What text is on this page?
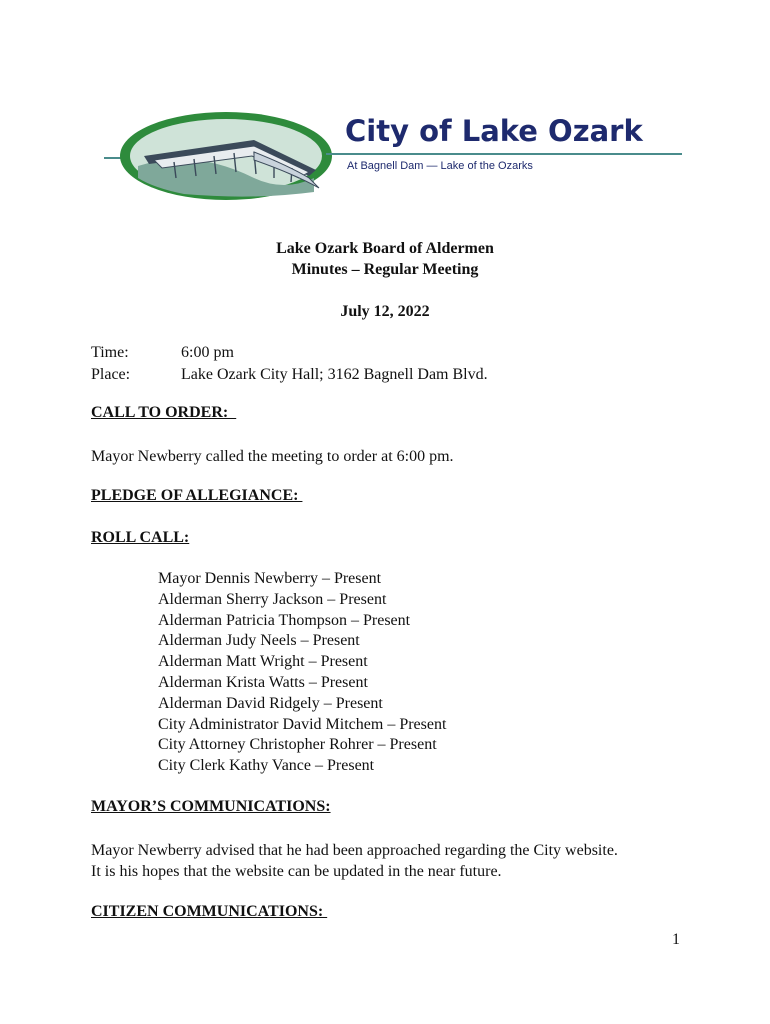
City of Lake Ozark
At Bagnell Dam — Lake of the Ozarks
Lake Ozark Board of Aldermen
Minutes – Regular Meeting
July 12, 2022
Time:	6:00 pm
Place:	Lake Ozark City Hall; 3162 Bagnell Dam Blvd.
CALL TO ORDER:
Mayor Newberry called the meeting to order at 6:00 pm.
PLEDGE OF ALLEGIANCE:
ROLL CALL:
Mayor Dennis Newberry – Present
Alderman Sherry Jackson – Present
Alderman Patricia Thompson – Present
Alderman Judy Neels – Present
Alderman Matt Wright – Present
Alderman Krista Watts – Present
Alderman David Ridgely – Present
City Administrator David Mitchem – Present
City Attorney Christopher Rohrer – Present
City Clerk Kathy Vance – Present
MAYOR’S COMMUNICATIONS:
Mayor Newberry advised that he had been approached regarding the City website.
It is his hopes that the website can be updated in the near future.
CITIZEN COMMUNICATIONS:
1
